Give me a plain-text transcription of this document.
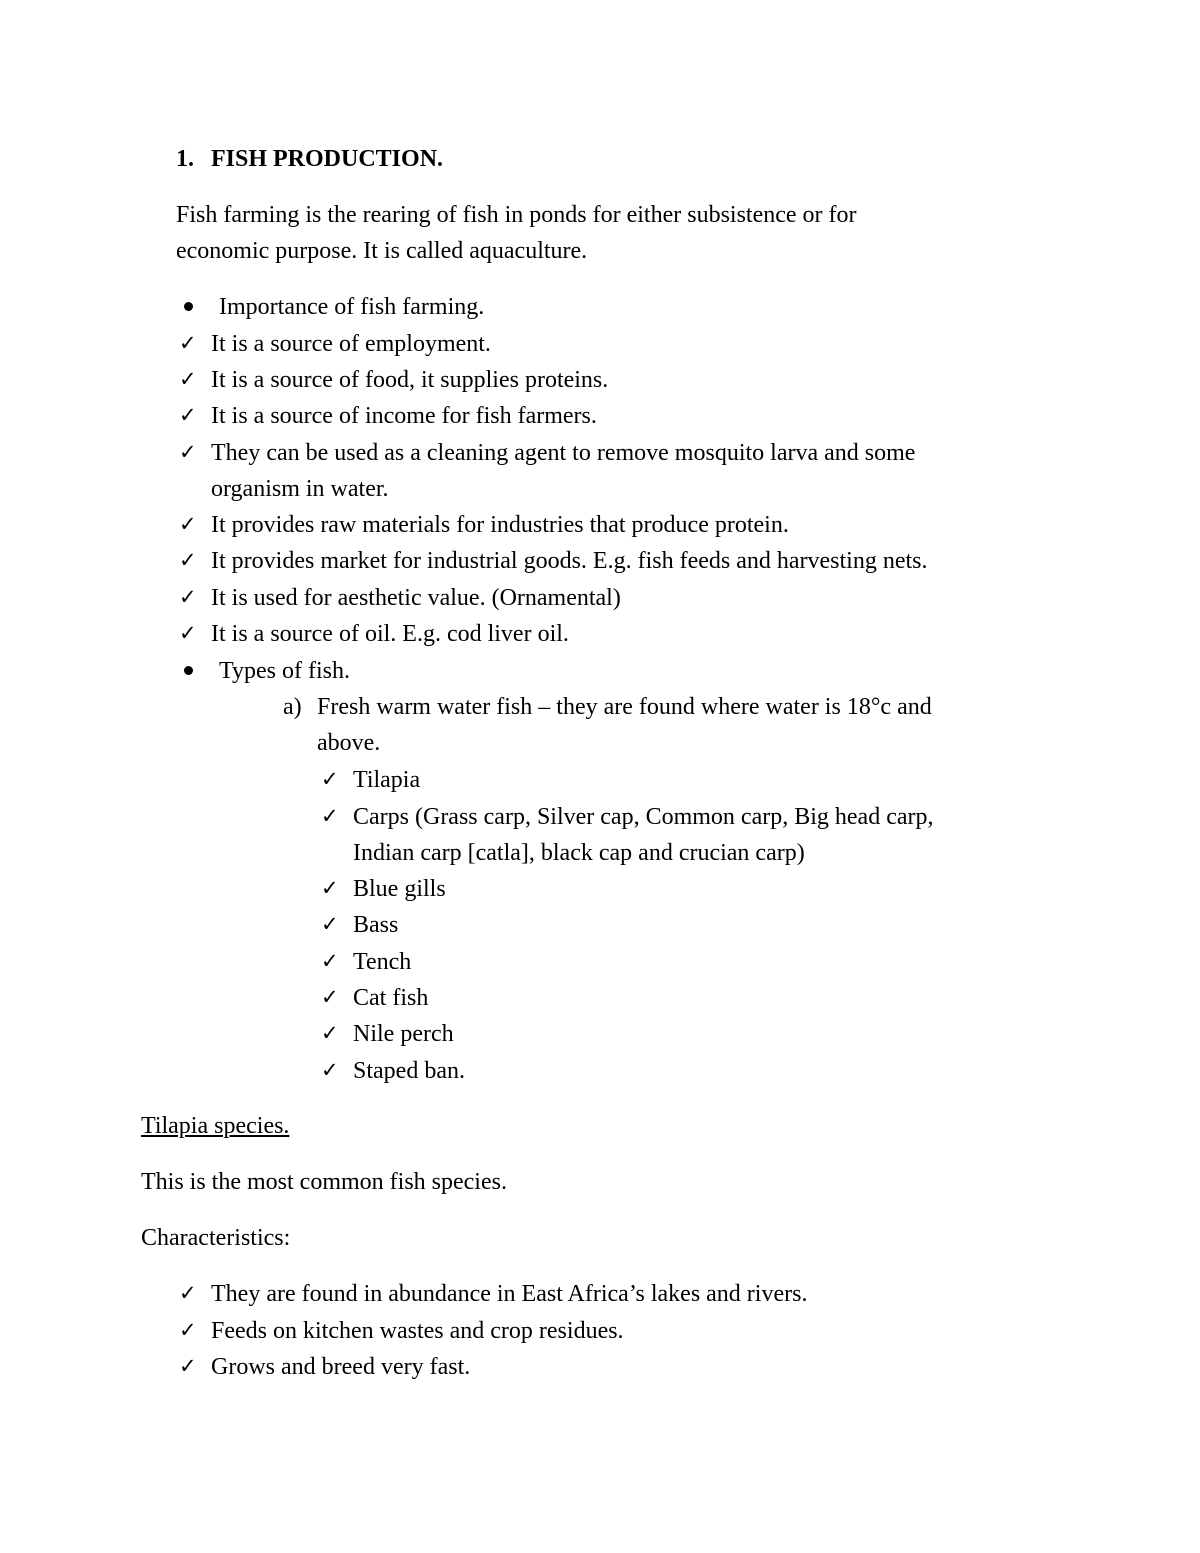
1. FISH PRODUCTION.
Fish farming is the rearing of fish in ponds for either subsistence or for
economic purpose. It is called aquaculture.
Importance of fish farming.
✓ It is a source of employment.
✓ It is a source of food, it supplies proteins.
✓ It is a source of income for fish farmers.
✓ They can be used as a cleaning agent to remove mosquito larva and some
organism in water.
✓ It provides raw materials for industries that produce protein.
✓ It provides market for industrial goods. E.g. fish feeds and harvesting nets.
✓ It is used for aesthetic value. (Ornamental)
✓ It is a source of oil. E.g. cod liver oil.
Types of fish.
a) Fresh warm water fish – they are found where water is 18°c and
above.
✓ Tilapia
✓ Carps (Grass carp, Silver cap, Common carp, Big head carp,
Indian carp [catla], black cap and crucian carp)
✓ Blue gills
✓ Bass
✓ Tench
✓ Cat fish
✓ Nile perch
✓ Staped ban.
Tilapia species.
This is the most common fish species.
Characteristics:
✓ They are found in abundance in East Africa’s lakes and rivers.
✓ Feeds on kitchen wastes and crop residues.
✓ Grows and breed very fast.
